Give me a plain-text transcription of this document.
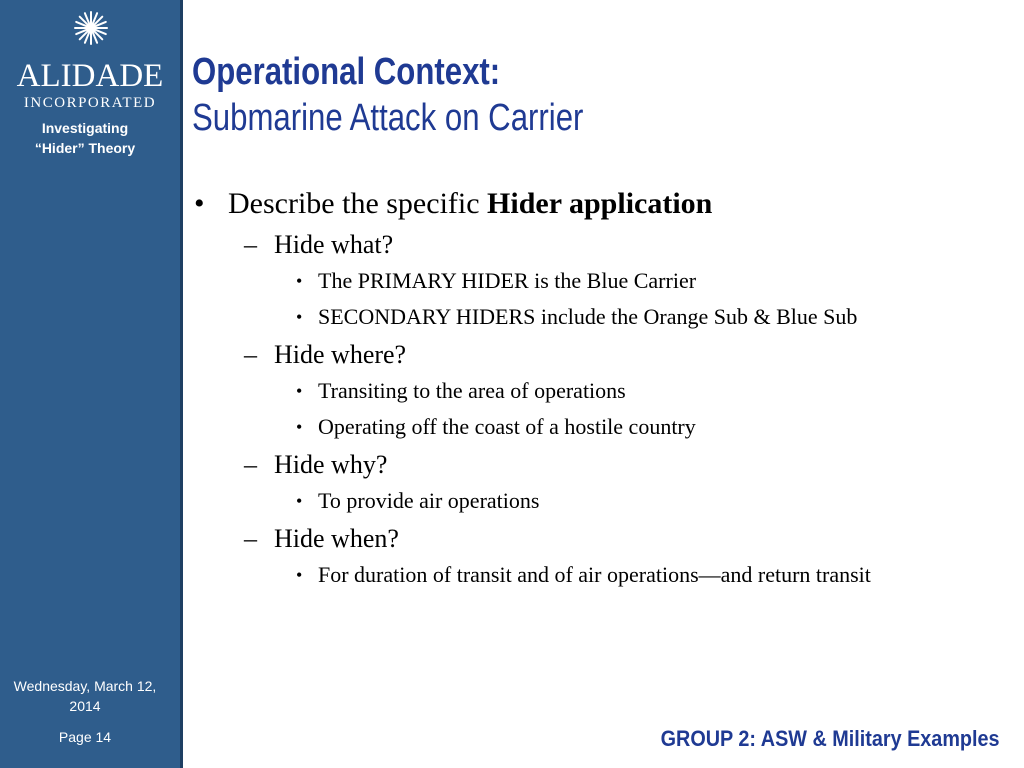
ALIDADE
INCORPORATED
Investigating
“Hider” Theory
Wednesday, March 12, 2014
Page 14
Operational Context:
Submarine Attack on Carrier
• Describe the specific Hider application
– Hide what?
• The PRIMARY HIDER is the Blue Carrier
• SECONDARY HIDERS include the Orange Sub & Blue Sub
– Hide where?
• Transiting to the area of operations
• Operating off the coast of a hostile country
– Hide why?
• To provide air operations
– Hide when?
• For duration of transit and of air operations—and return transit
GROUP 2: ASW & Military Examples
